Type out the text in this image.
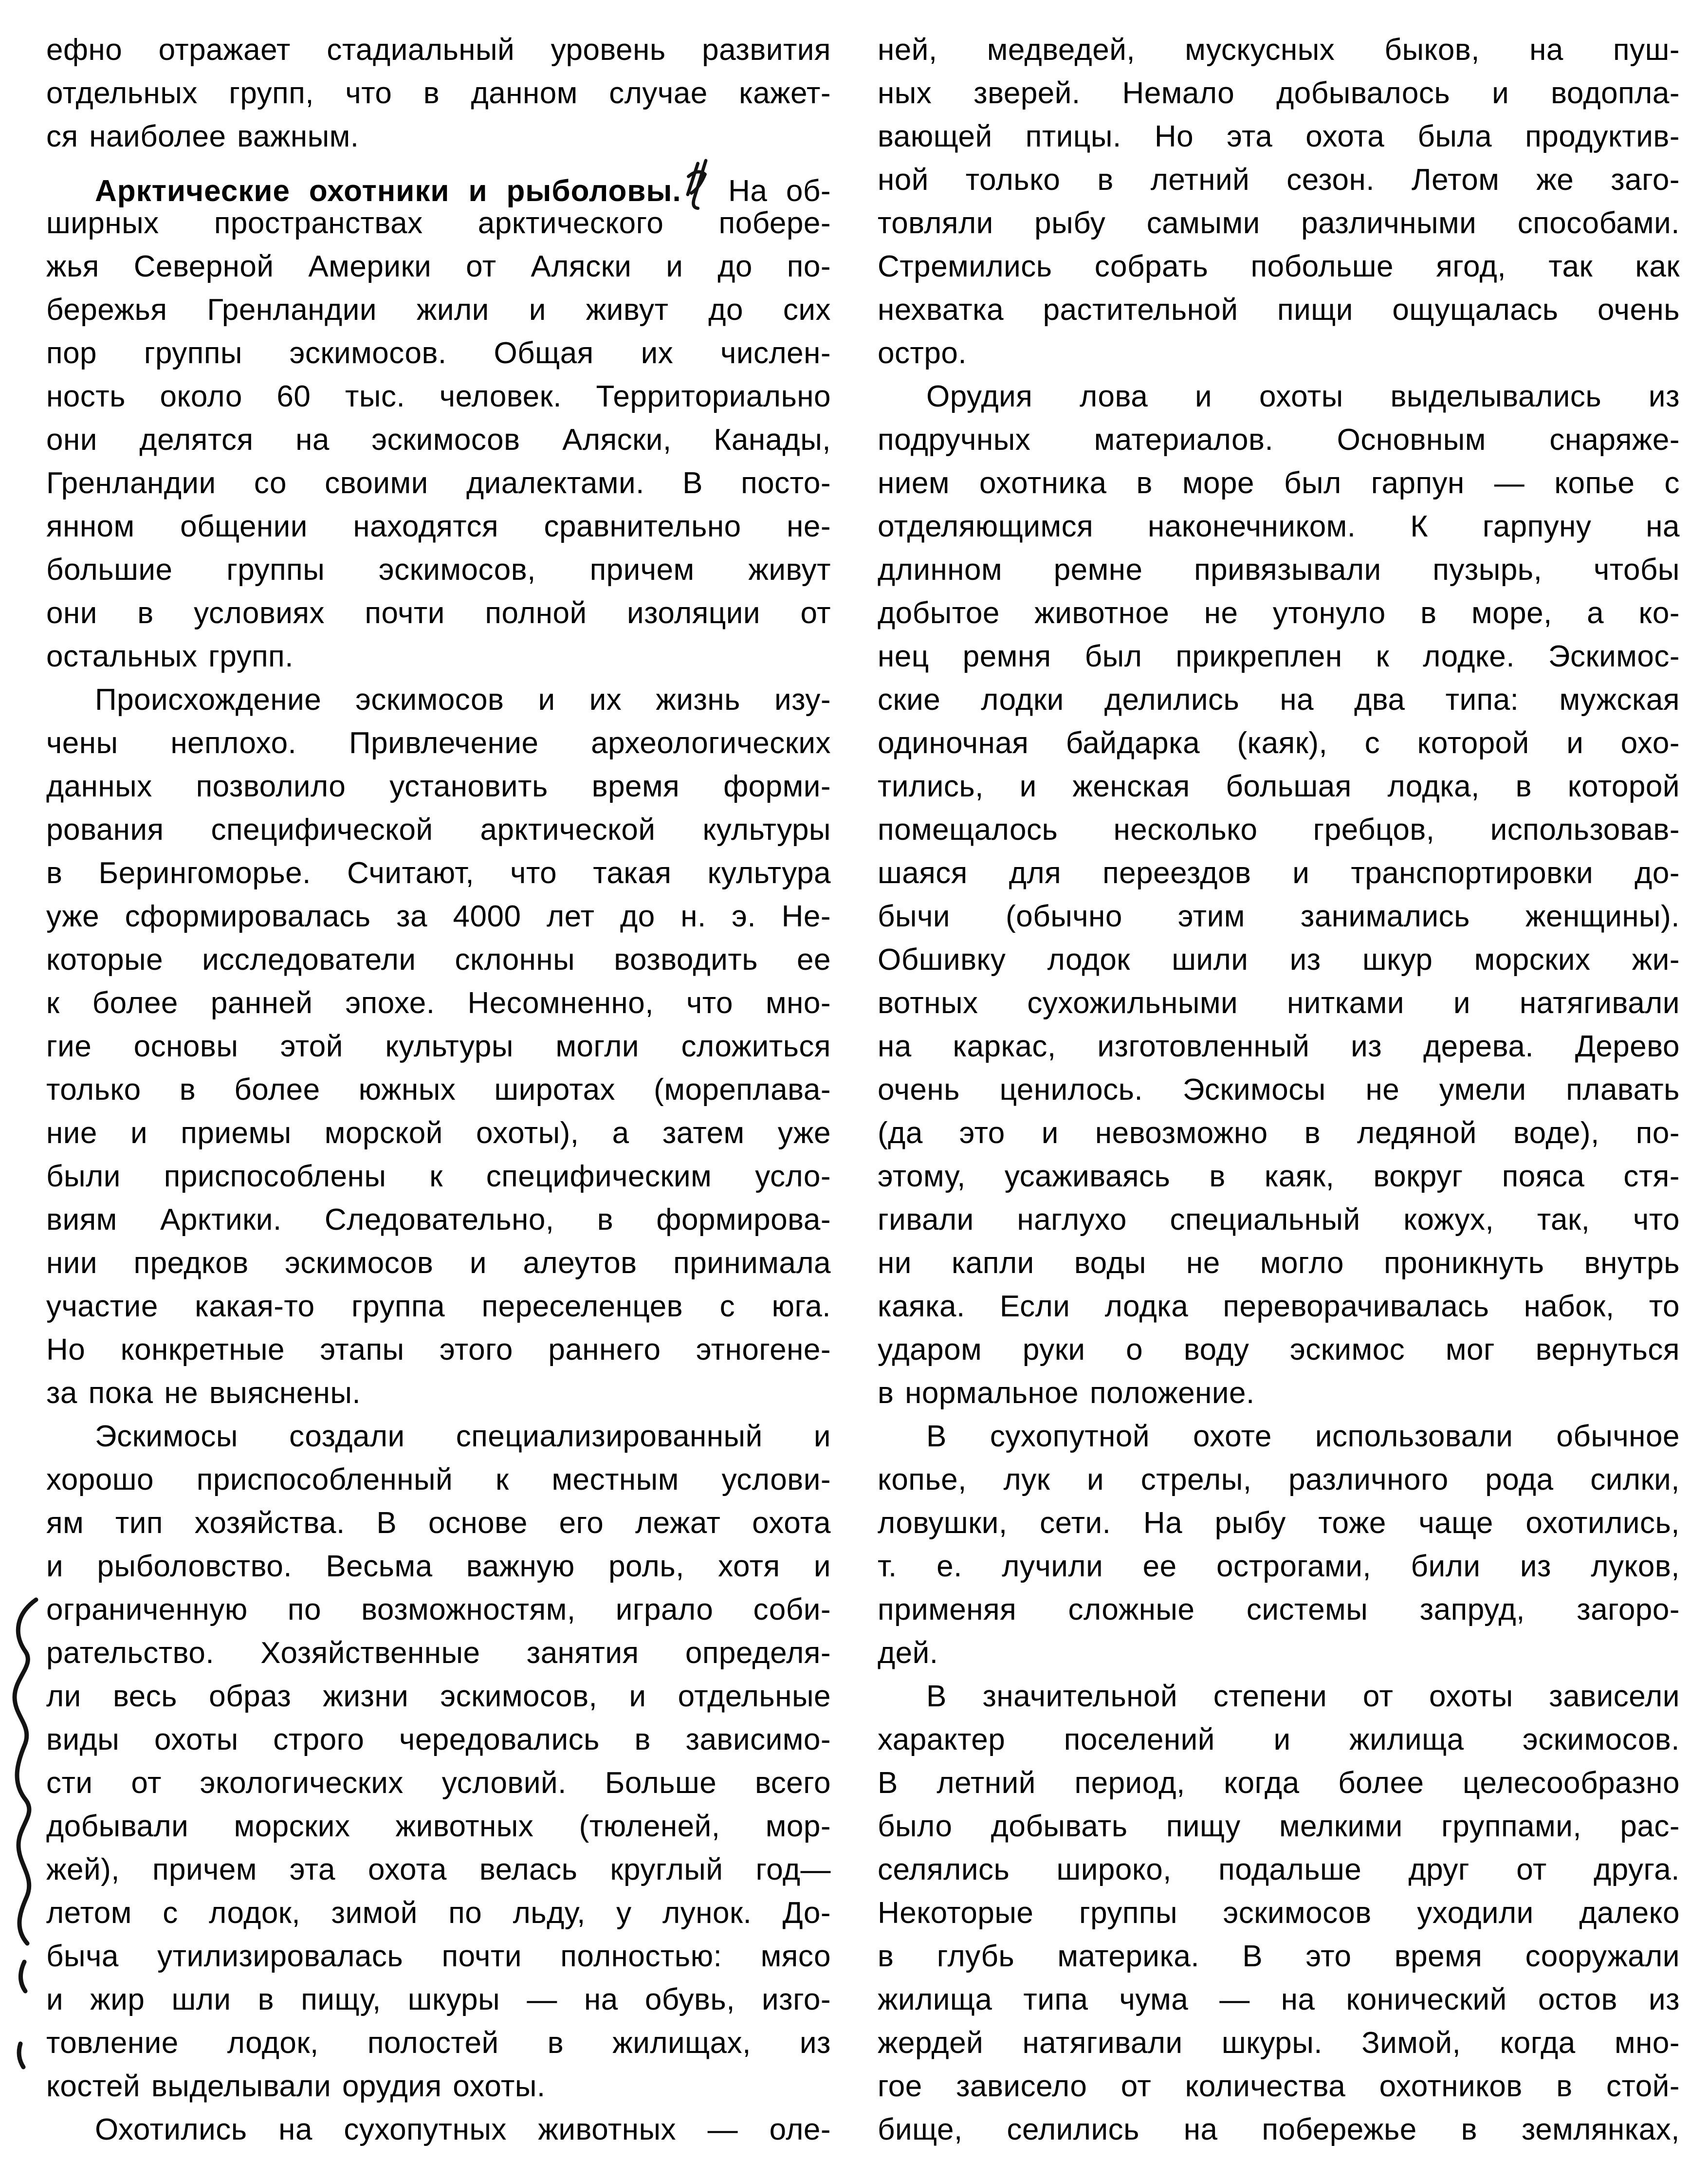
ефно отражает стадиальный уровень развития
отдельных групп, что в данном случае кажет-
ся наиболее важным.
Арктические охотники и рыболовы. На об-
ширных пространствах арктического побере-
жья Северной Америки от Аляски и до по-
бережья Гренландии жили и живут до сих
пор группы эскимосов. Общая их числен-
ность около 60 тыс. человек. Территориально
они делятся на эскимосов Аляски, Канады,
Гренландии со своими диалектами. В посто-
янном общении находятся сравнительно не-
большие группы эскимосов, причем живут
они в условиях почти полной изоляции от
остальных групп.
Происхождение эскимосов и их жизнь изу-
чены неплохо. Привлечение археологических
данных позволило установить время форми-
рования специфической арктической культуры
в Берингоморье. Считают, что такая культура
уже сформировалась за 4000 лет до н. э. Не-
которые исследователи склонны возводить ее
к более ранней эпохе. Несомненно, что мно-
гие основы этой культуры могли сложиться
только в более южных широтах (мореплава-
ние и приемы морской охоты), а затем уже
были приспособлены к специфическим усло-
виям Арктики. Следовательно, в формирова-
нии предков эскимосов и алеутов принимала
участие какая-то группа переселенцев с юга.
Но конкретные этапы этого раннего этногене-
за пока не выяснены.
Эскимосы создали специализированный и
хорошо приспособленный к местным услови-
ям тип хозяйства. В основе его лежат охота
и рыболовство. Весьма важную роль, хотя и
ограниченную по возможностям, играло соби-
рательство. Хозяйственные занятия определя-
ли весь образ жизни эскимосов, и отдельные
виды охоты строго чередовались в зависимо-
сти от экологических условий. Больше всего
добывали морских животных (тюленей, мор-
жей), причем эта охота велась круглый год—
летом с лодок, зимой по льду, у лунок. До-
быча утилизировалась почти полностью: мясо
и жир шли в пищу, шкуры — на обувь, изго-
товление лодок, полостей в жилищах, из
костей выделывали орудия охоты.
Охотились на сухопутных животных — оле-
ней, медведей, мускусных быков, на пуш-
ных зверей. Немало добывалось и водопла-
вающей птицы. Но эта охота была продуктив-
ной только в летний сезон. Летом же заго-
товляли рыбу самыми различными способами.
Стремились собрать побольше ягод, так как
нехватка растительной пищи ощущалась очень
остро.
Орудия лова и охоты выделывались из
подручных материалов. Основным снаряже-
нием охотника в море был гарпун — копье с
отделяющимся наконечником. К гарпуну на
длинном ремне привязывали пузырь, чтобы
добытое животное не утонуло в море, а ко-
нец ремня был прикреплен к лодке. Эскимос-
ские лодки делились на два типа: мужская
одиночная байдарка (каяк), с которой и охо-
тились, и женская большая лодка, в которой
помещалось несколько гребцов, использовав-
шаяся для переездов и транспортировки до-
бычи (обычно этим занимались женщины).
Обшивку лодок шили из шкур морских жи-
вотных сухожильными нитками и натягивали
на каркас, изготовленный из дерева. Дерево
очень ценилось. Эскимосы не умели плавать
(да это и невозможно в ледяной воде), по-
этому, усаживаясь в каяк, вокруг пояса стя-
гивали наглухо специальный кожух, так, что
ни капли воды не могло проникнуть внутрь
каяка. Если лодка переворачивалась набок, то
ударом руки о воду эскимос мог вернуться
в нормальное положение.
В сухопутной охоте использовали обычное
копье, лук и стрелы, различного рода силки,
ловушки, сети. На рыбу тоже чаще охотились,
т. е. лучили ее острогами, били из луков,
применяя сложные системы запруд, загоро-
дей.
В значительной степени от охоты зависели
характер поселений и жилища эскимосов.
В летний период, когда более целесообразно
было добывать пищу мелкими группами, рас-
селялись широко, подальше друг от друга.
Некоторые группы эскимосов уходили далеко
в глубь материка. В это время сооружали
жилища типа чума — на конический остов из
жердей натягивали шкуры. Зимой, когда мно-
гое зависело от количества охотников в стой-
бище, селились на побережье в землянках,
